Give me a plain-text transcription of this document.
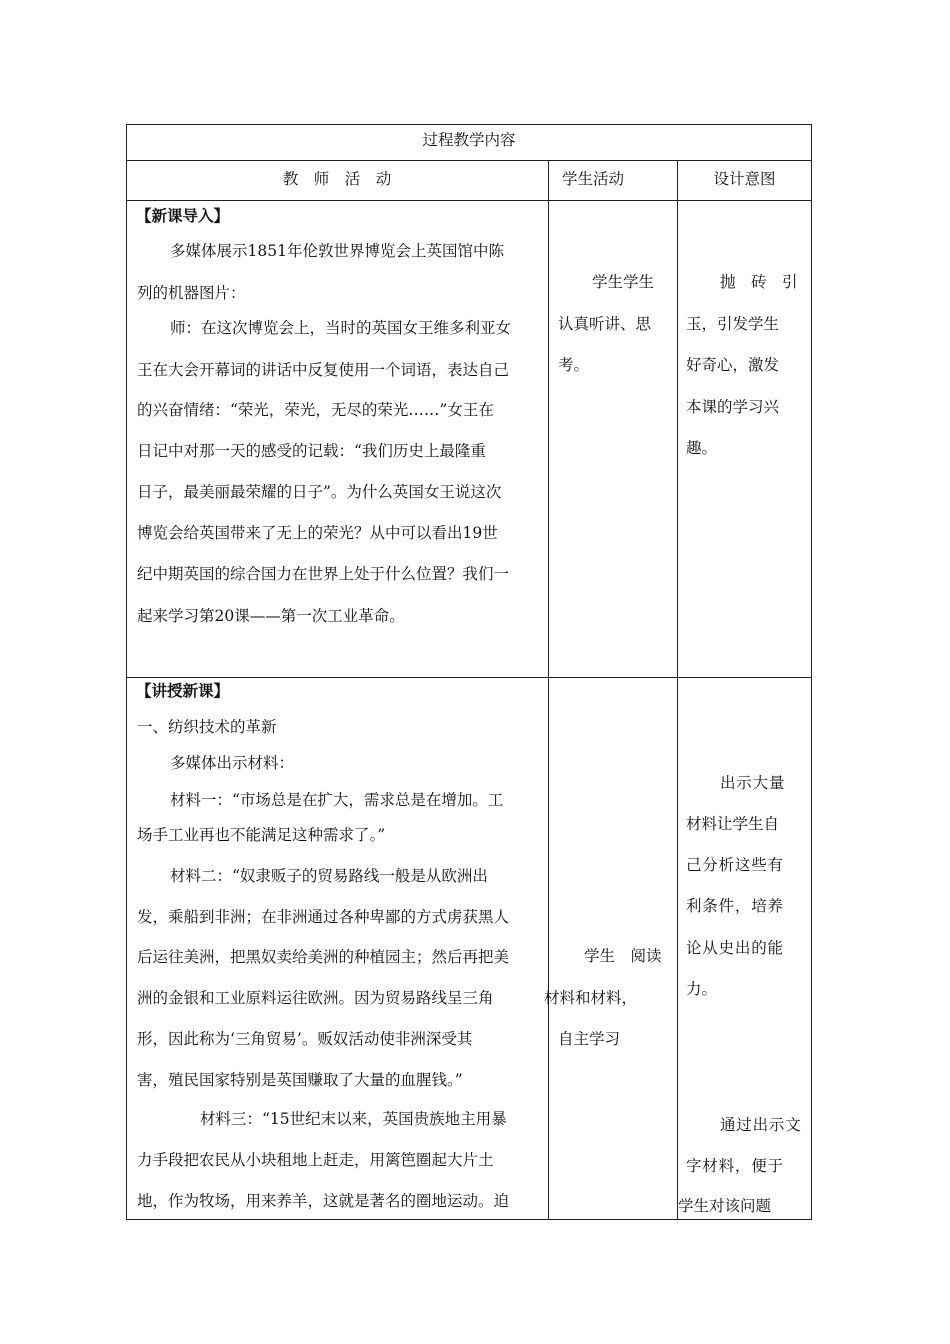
过程教学内容
教　师　活　动	学生活动	设计意图
【新课导入】
多媒体展示1851年伦敦世界博览会上英国馆中陈
列的机器图片：
师：在这次博览会上，当时的英国女王维多利亚女
王在大会开幕词的讲话中反复使用一个词语，表达自己
的兴奋情绪：“荣光，荣光，无尽的荣光……”女王在
日记中对那一天的感受的记载：“我们历史上最隆重
日子，最美丽最荣耀的日子”。为什么英国女王说这次
博览会给英国带来了无上的荣光？从中可以看出19世
纪中期英国的综合国力在世界上处于什么位置？我们一
起来学习第20课——第一次工业革命。
学生学生
认真听讲、思
考。
抛　砖　引
玉，引发学生
好奇心，激发
本课的学习兴
趣。
【讲授新课】
一、纺织技术的革新
多媒体出示材料：
材料一：“市场总是在扩大，需求总是在增加。工
场手工业再也不能满足这种需求了。”
材料二：“奴隶贩子的贸易路线一般是从欧洲出
发，乘船到非洲；在非洲通过各种卑鄙的方式虏获黑人
后运往美洲，把黑奴卖给美洲的种植园主；然后再把美
洲的金银和工业原料运往欧洲。因为贸易路线呈三角
形，因此称为‘三角贸易’。贩奴活动使非洲深受其
害，殖民国家特别是英国赚取了大量的血腥钱。”
材料三：“15世纪末以来，英国贵族地主用暴
力手段把农民从小块租地上赶走，用篱笆圈起大片土
地，作为牧场，用来养羊，这就是著名的圈地运动。迫
学生　阅读
材料和材料，
自主学习
出示大量
材料让学生自
己分析这些有
利条件，培养
论从史出的能
力。
通过出示文
字材料，便于
学生对该问题
